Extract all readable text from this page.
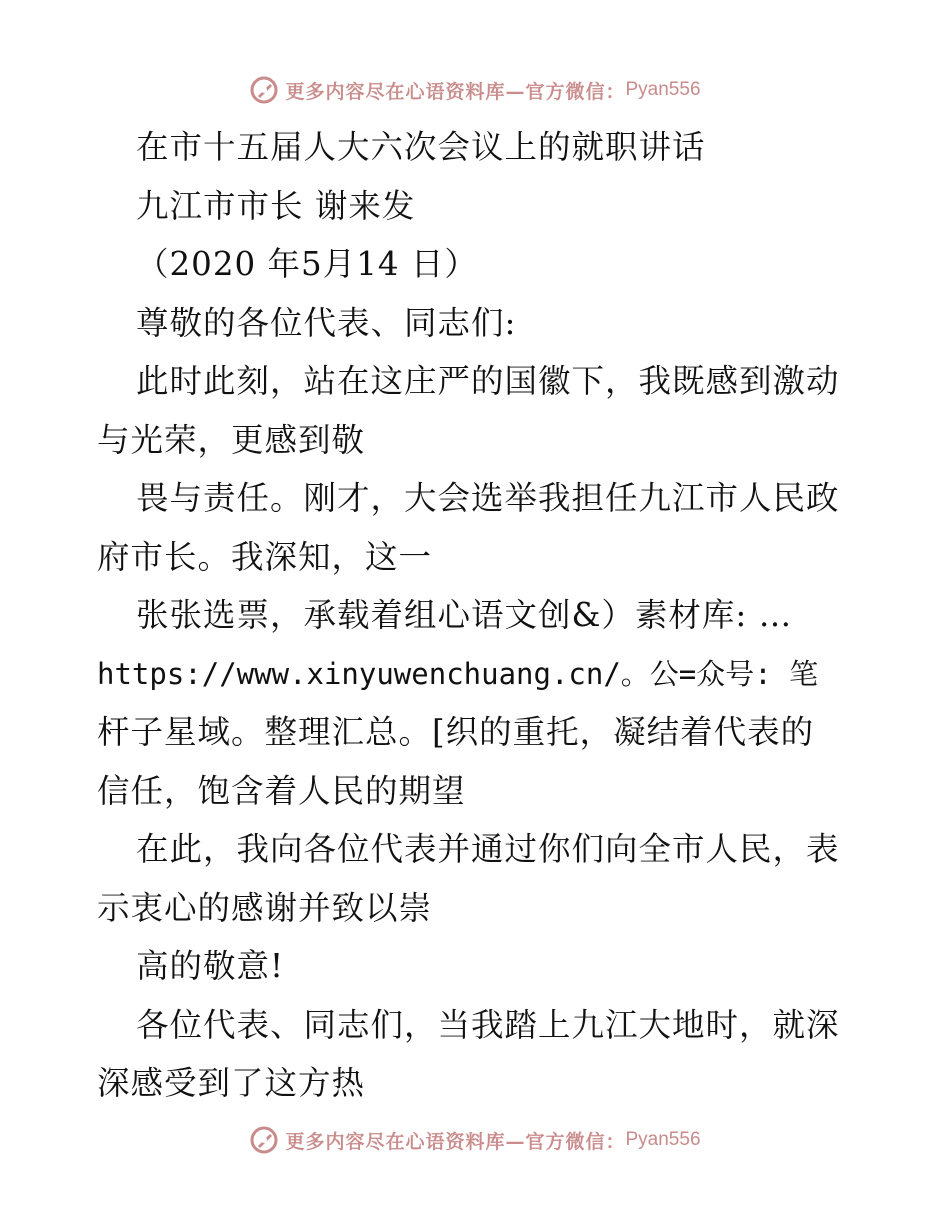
更多内容尽在心语资料库—官方微信： Pyan556
在市十五届人大六次会议上的就职讲话
九江市市长 谢来发
（2020 年5月14 日）
尊敬的各位代表、同志们:
此时此刻，站在这庄严的国徽下，我既感到激动
与光荣，更感到敬
畏与责任。刚才，大会选举我担任九江市人民政
府市长。我深知，这一
张张选票，承载着组心语文创&）素材库: …
https://www.xinyuwenchuang.cn/。公=众号: 笔
杆子星域。整理汇总。[织的重托，凝结着代表的
信任，饱含着人民的期望
在此，我向各位代表并通过你们向全市人民，表
示衷心的感谢并致以崇
高的敬意!
各位代表、同志们，当我踏上九江大地时，就深
深感受到了这方热
更多内容尽在心语资料库—官方微信： Pyan556
